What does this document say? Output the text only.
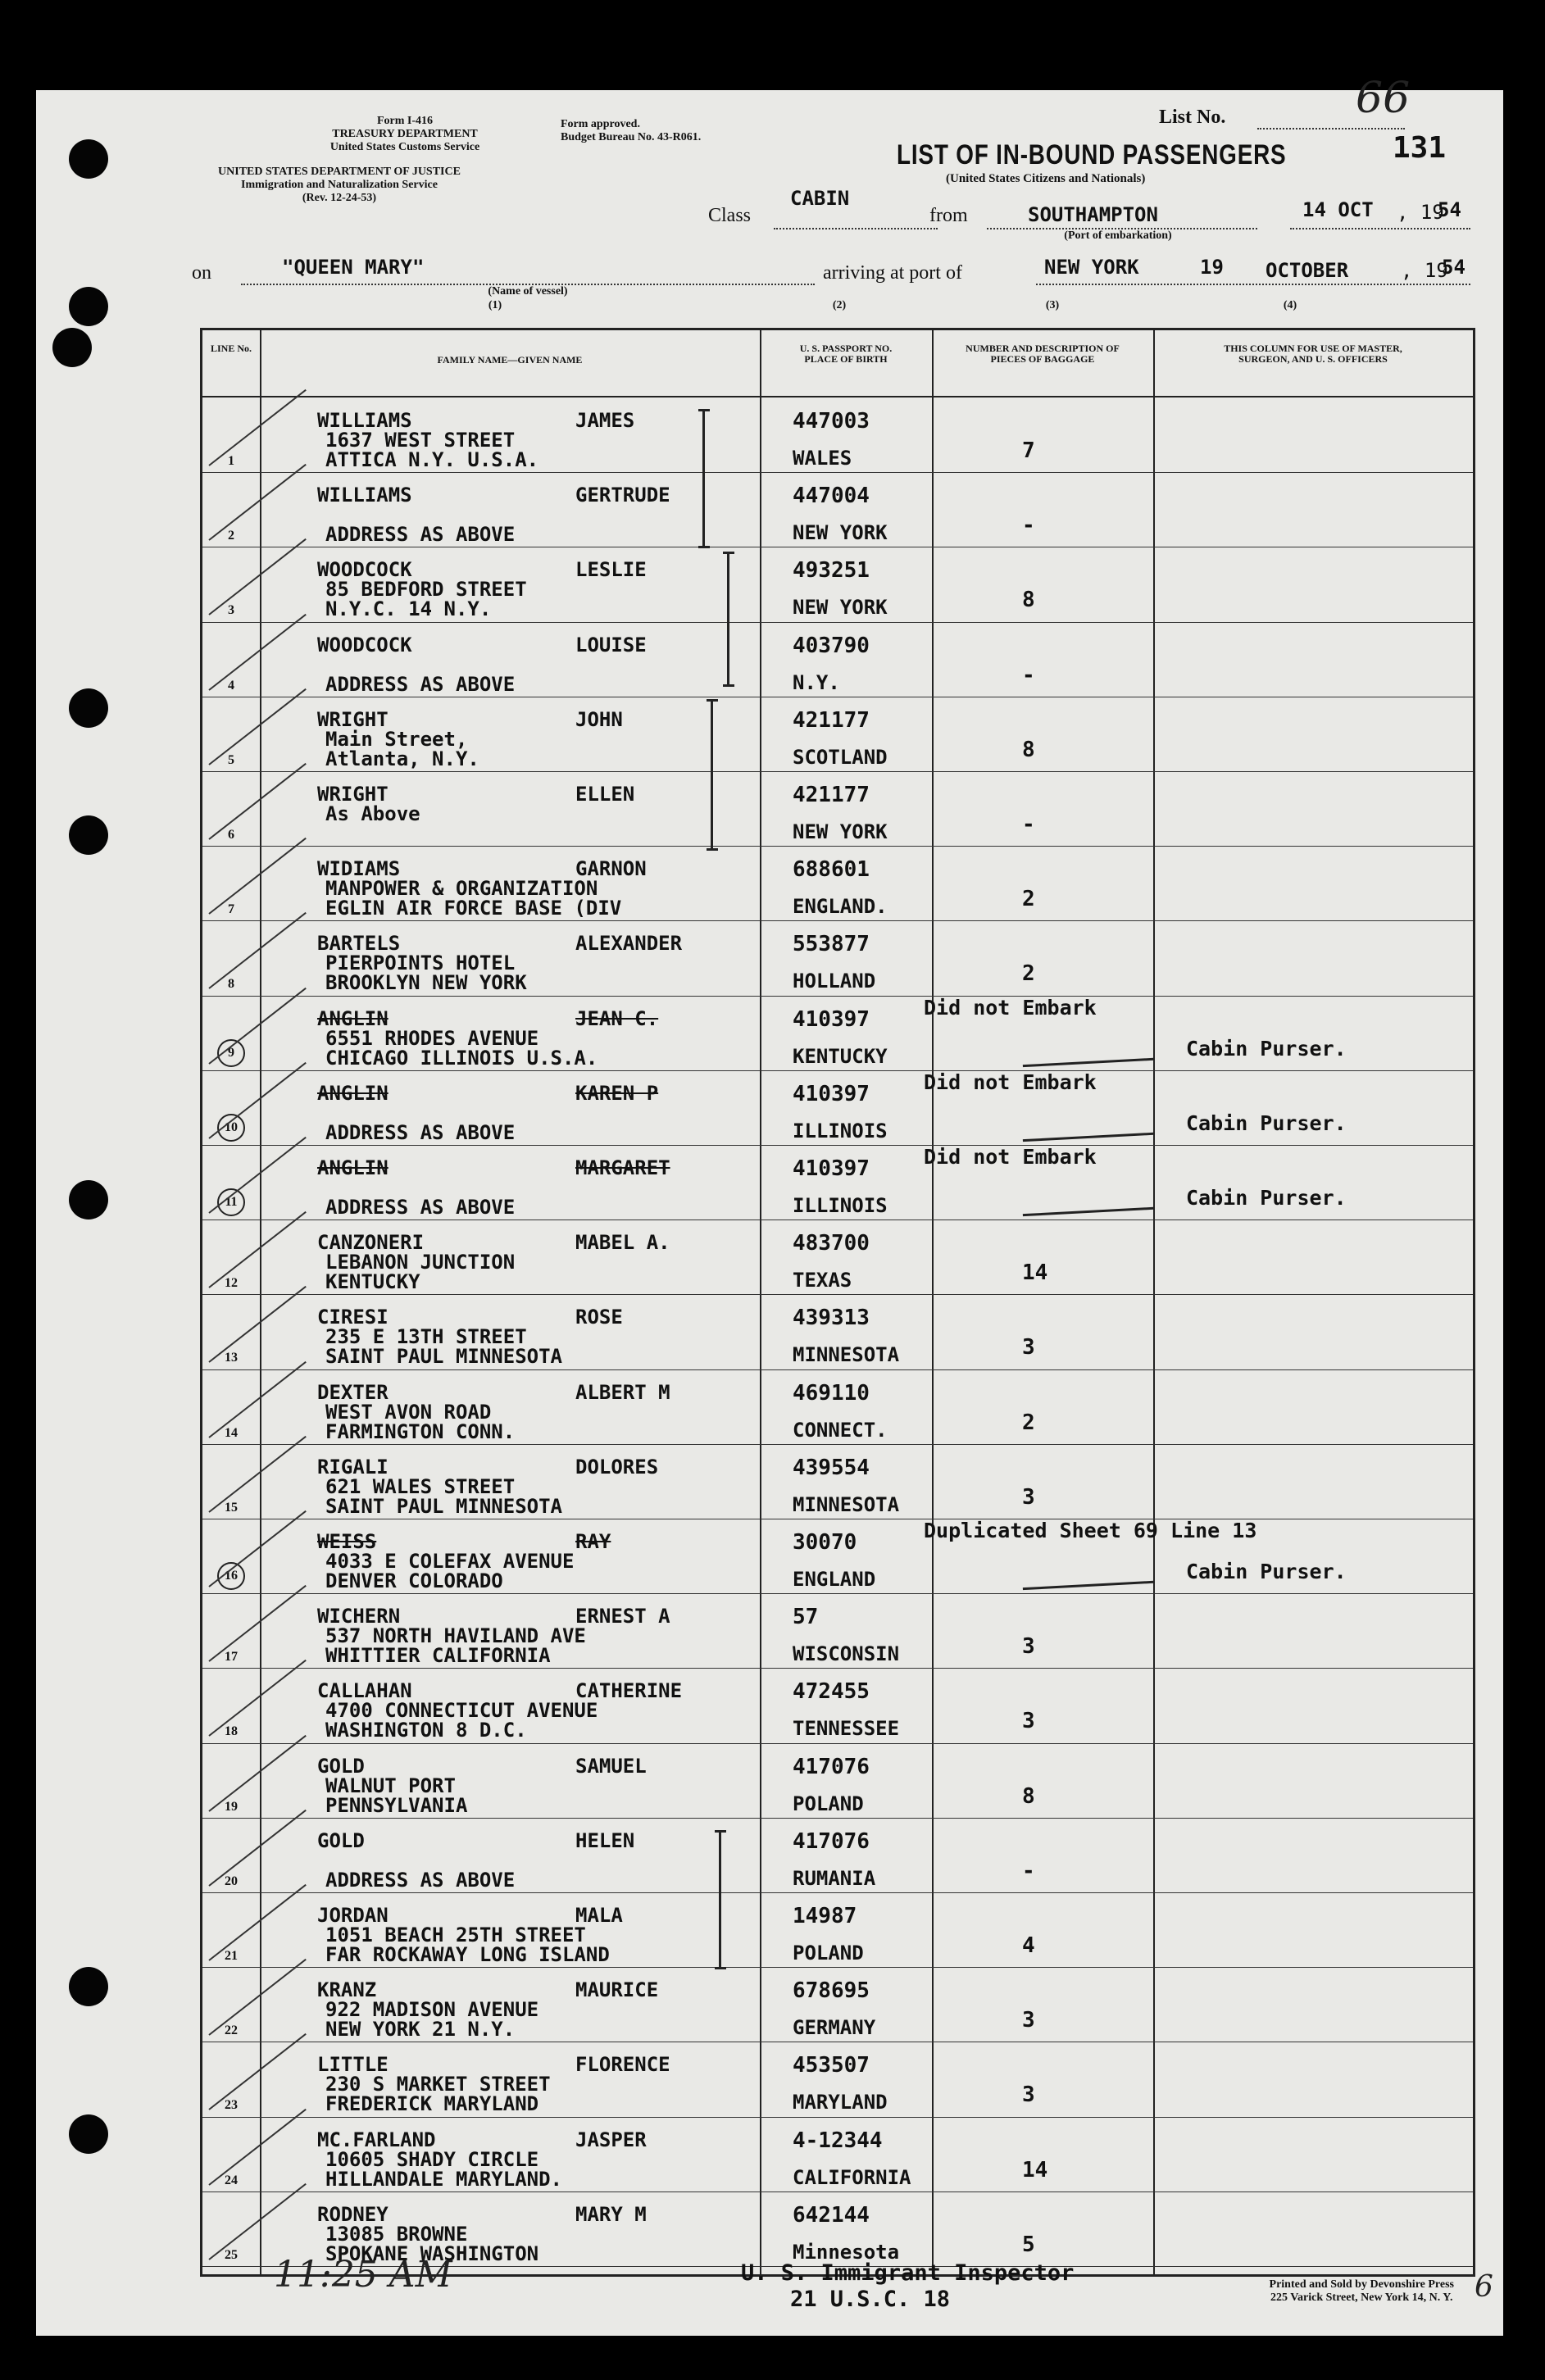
Form I-416
TREASURY DEPARTMENT
United States Customs Service
UNITED STATES DEPARTMENT OF JUSTICE
Immigration and Naturalization Service
(Rev. 12-24-53)
Form approved.
Budget Bureau No. 43-R061.
List No.	66
131
LIST OF IN-BOUND PASSENGERS
(United States Citizens and Nationals)
Class
CABIN
from	SOUTHAMPTON
(Port of embarkation)
14 OCT , 19
54
on	"QUEEN MARY"
(Name of vessel)
arriving at port of	NEW YORK	19 OCTOBER	, 19
54
(1)	(2)	(3)	(4)
LINE No.
FAMILY NAME—GIVEN NAME
U. S. PASSPORT NO. PLACE OF BIRTH
NUMBER AND DESCRIPTION OF PIECES OF BAGGAGE
THIS COLUMN FOR USE OF MASTER, SURGEON, AND U. S. OFFICERS
1
WILLIAMS	JAMES
1637 WEST STREET
ATTICA N.Y. U.S.A.
447003
WALES	7
2
WILLIAMS	GERTRUDE
ADDRESS AS ABOVE
447004
NEW YORK	-
3
WOODCOCK	LESLIE
85 BEDFORD STREET
N.Y.C. 14 N.Y.
493251
NEW YORK	8
4
WOODCOCK	LOUISE
ADDRESS AS ABOVE
403790
N.Y.	-
5
WRIGHT	JOHN
Main Street,
Atlanta, N.Y.
421177
SCOTLAND	8
6
WRIGHT	ELLEN
As Above
421177
NEW YORK	-
7
WIDIAMS	GARNON
MANPOWER & ORGANIZATION
EGLIN AIR FORCE BASE (DIV
688601
ENGLAND.	2
8
BARTELS	ALEXANDER
PIERPOINTS HOTEL
BROOKLYN NEW YORK
553877
HOLLAND	2
9
ANGLIN	JEAN C.
6551 RHODES AVENUE
CHICAGO ILLINOIS U.S.A.
410397
KENTUCKY
Did not Embark
Cabin Purser.
10
ANGLIN	KAREN P
ADDRESS AS ABOVE
410397
ILLINOIS
Did not Embark
Cabin Purser.
11
ANGLIN	MARGARET
ADDRESS AS ABOVE
410397
ILLINOIS
Did not Embark
Cabin Purser.
12
CANZONERI	MABEL A.
LEBANON JUNCTION
KENTUCKY
483700
TEXAS	14
13
CIRESI	ROSE
235 E 13TH STREET
SAINT PAUL MINNESOTA
439313
MINNESOTA	3
14
DEXTER	ALBERT M
WEST AVON ROAD
FARMINGTON CONN.
469110
CONNECT.	2
15
RIGALI	DOLORES
621 WALES STREET
SAINT PAUL MINNESOTA
439554
MINNESOTA	3
16
WEISS	RAY
4033 E COLEFAX AVENUE
DENVER COLORADO
30070
ENGLAND
Duplicated Sheet 69 Line 13
Cabin Purser.
17
WICHERN	ERNEST A
537 NORTH HAVILAND AVE
WHITTIER CALIFORNIA
57
WISCONSIN	3
18
CALLAHAN	CATHERINE
4700 CONNECTICUT AVENUE
WASHINGTON 8 D.C.
472455
TENNESSEE	3
19
GOLD	SAMUEL
WALNUT PORT
PENNSYLVANIA
417076
POLAND	8
20
GOLD	HELEN
ADDRESS AS ABOVE
417076
RUMANIA	-
21
JORDAN	MALA
1051 BEACH 25TH STREET
FAR ROCKAWAY LONG ISLAND
14987
POLAND	4
22
KRANZ	MAURICE
922 MADISON AVENUE
NEW YORK 21 N.Y.
678695
GERMANY	3
23
LITTLE	FLORENCE
230 S MARKET STREET
FREDERICK MARYLAND
453507
MARYLAND	3
24
MC.FARLAND	JASPER
10605 SHADY CIRCLE
HILLANDALE MARYLAND.
4-12344
CALIFORNIA	14
25
RODNEY	MARY M
13085 BROWNE
SPOKANE WASHINGTON
642144
Minnesota	5
11:25 AM	U. S. Immigrant Inspector
21 U.S.C. 18
Printed and Sold by Devonshire Press
225 Varick Street, New York 14, N. Y. 6
